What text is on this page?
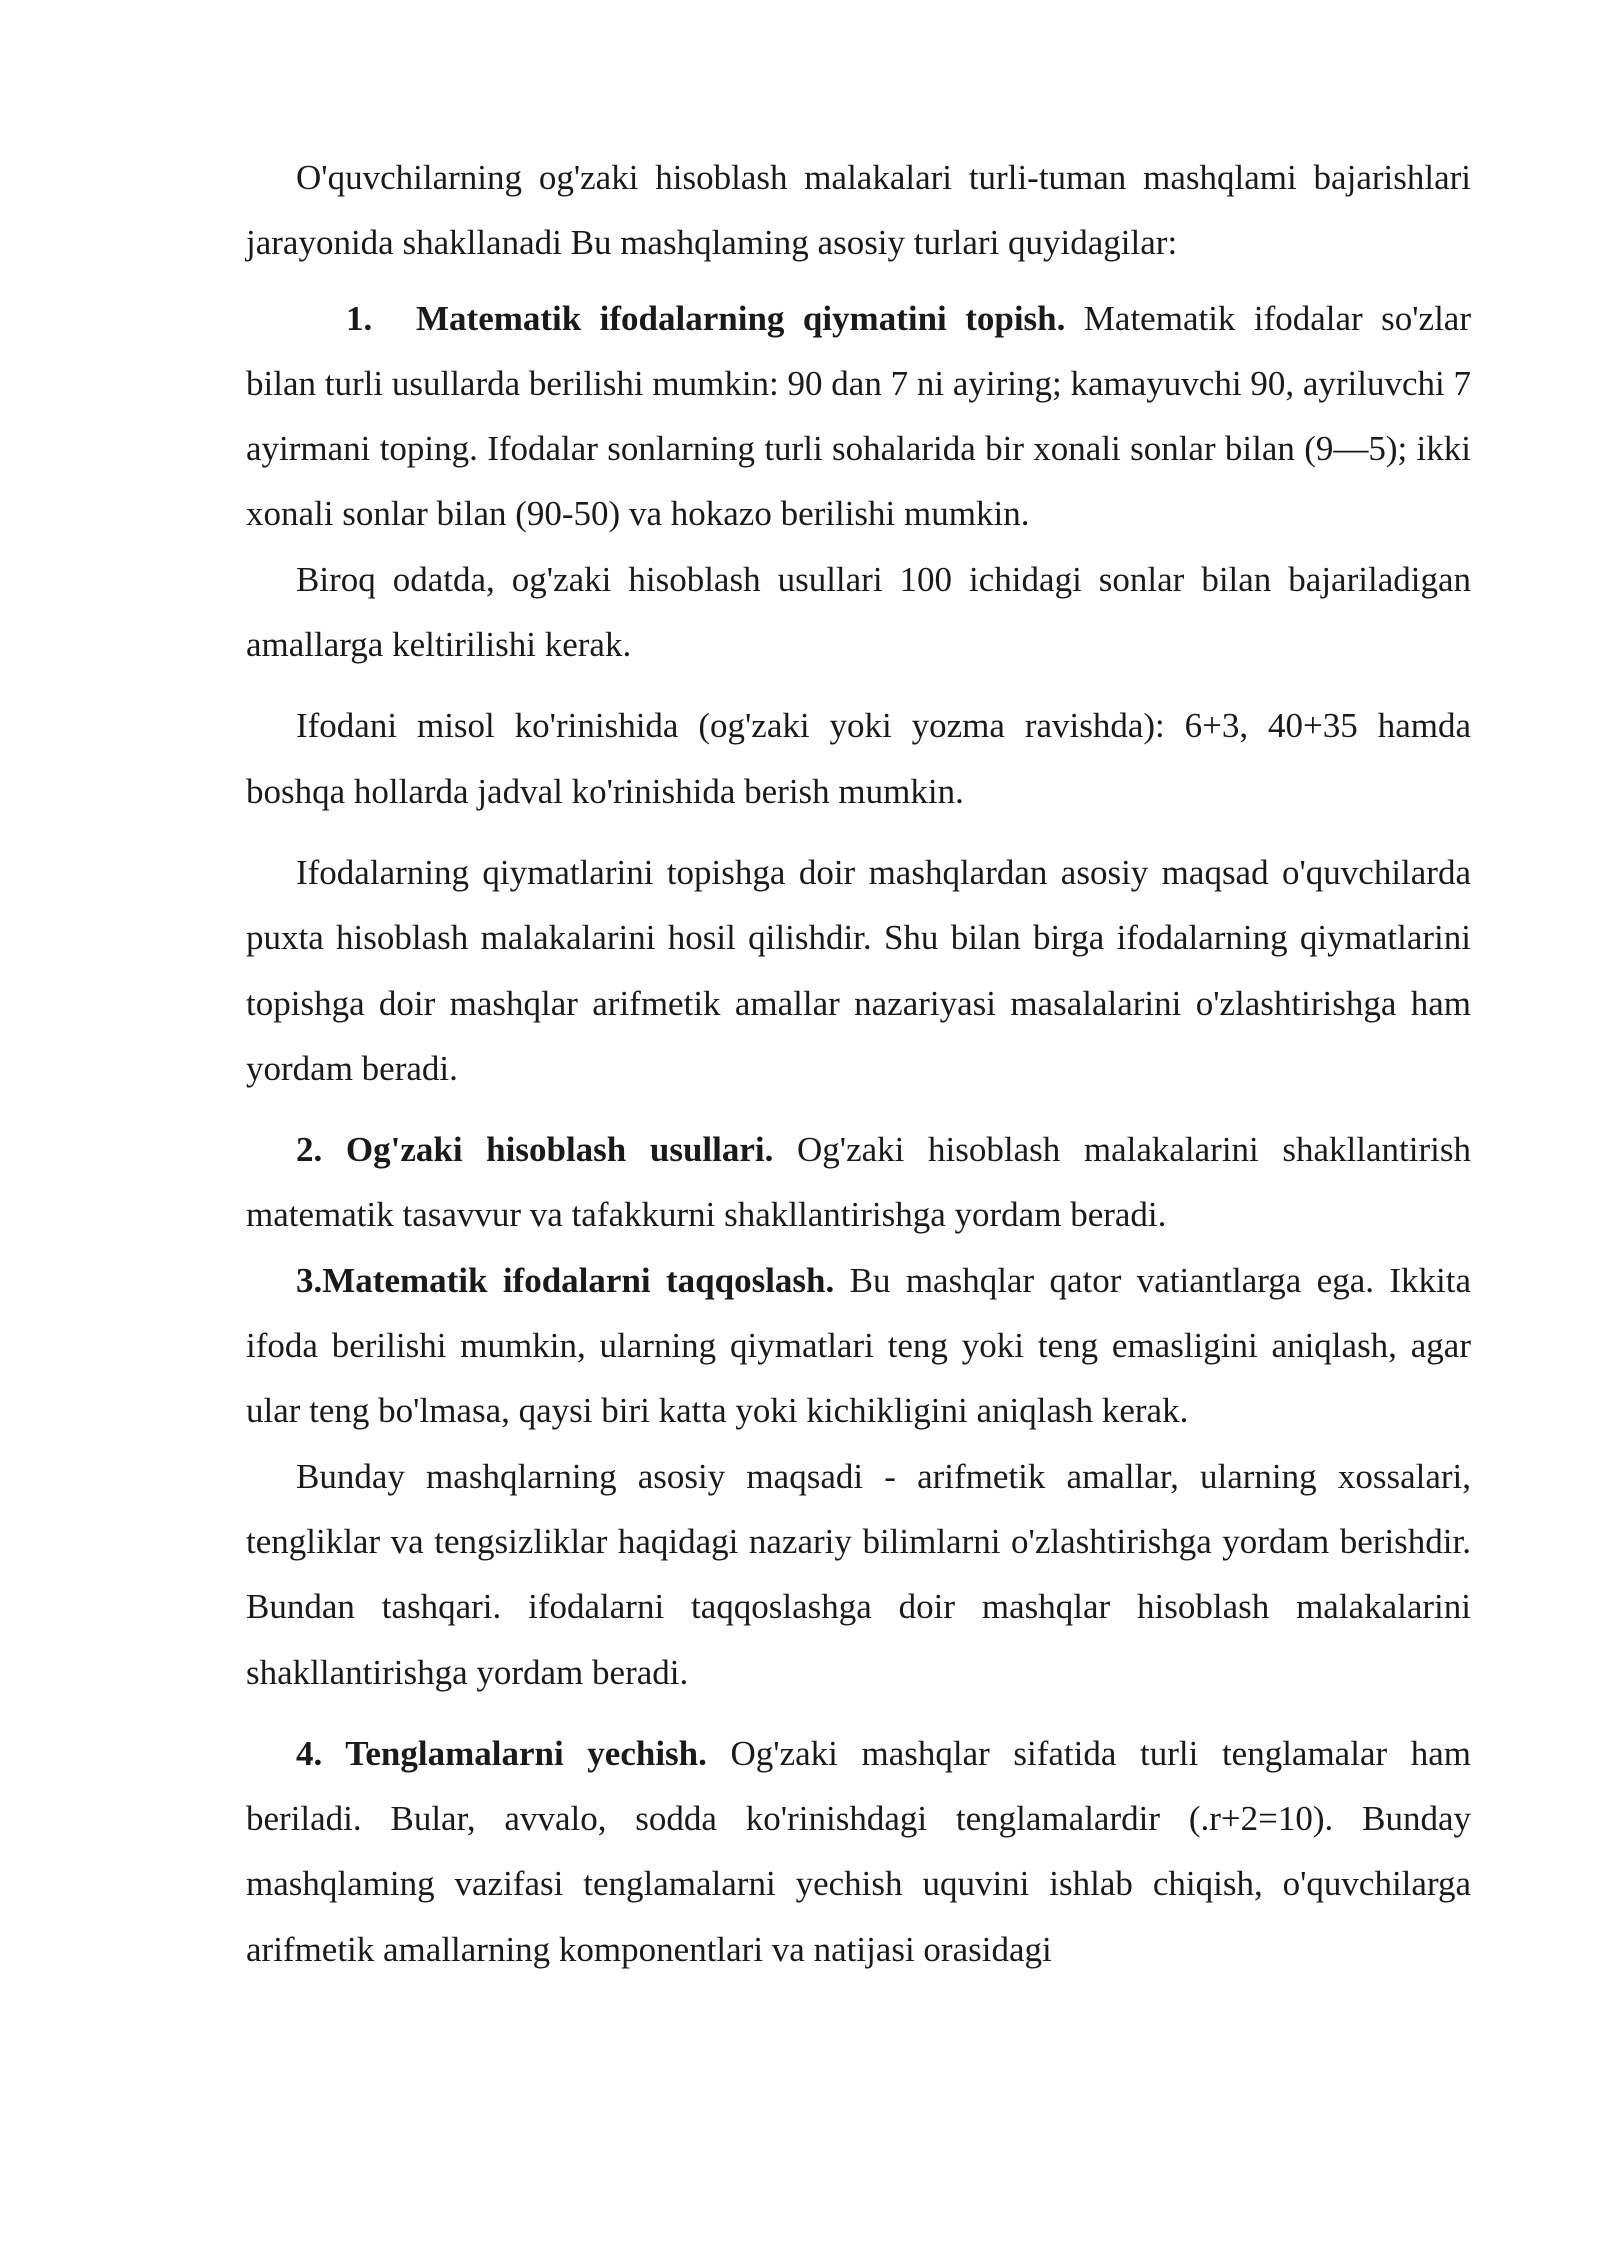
O'quvchilarning og'zaki hisoblash malakalari turli-tuman mashqlami bajarishlari jarayonida shakllanadi Bu mashqlaming asosiy turlari quyidagilar:

1. Matematik ifodalarning qiymatini topish. Matematik ifodalar so'zlar bilan turli usullarda berilishi mumkin: 90 dan 7 ni ayiring; kamayuvchi 90, ayriluvchi 7 ayirmani toping. Ifodalar sonlarning turli sohalarida bir xonali sonlar bilan (9—5); ikki xonali sonlar bilan (90-50) va hokazo berilishi mumkin.

Biroq odatda, og'zaki hisoblash usullari 100 ichidagi sonlar bilan bajariladigan amallarga keltirilishi kerak.

Ifodani misol ko'rinishida (og'zaki yoki yozma ravishda): 6+3, 40+35 hamda boshqa hollarda jadval ko'rinishida berish mumkin.

Ifodalarning qiymatlarini topishga doir mashqlardan asosiy maqsad o'quvchilarda puxta hisoblash malakalarini hosil qilishdir. Shu bilan birga ifodalarning qiymatlarini topishga doir mashqlar arifmetik amallar nazariyasi masalalarini o'zlashtirishga ham yordam beradi.

2. Og'zaki hisoblash usullari. Og'zaki hisoblash malakalarini shakllantirish matematik tasavvur va tafakkurni shakllantirishga yordam beradi.

3.Matematik ifodalarni taqqoslash. Bu mashqlar qator vatiantlarga ega. Ikkita ifoda berilishi mumkin, ularning qiymatlari teng yoki teng emasligini aniqlash, agar ular teng bo'lmasa, qaysi biri katta yoki kichikligini aniqlash kerak.

Bunday mashqlarning asosiy maqsadi - arifmetik amallar, ularning xossalari, tengliklar va tengsizliklar haqidagi nazariy bilimlarni o'zlashtirishga yordam berishdir. Bundan tashqari. ifodalarni taqqoslashga doir mashqlar hisoblash malakalarini shakllantirishga yordam beradi.

4. Tenglamalarni yechish. Og'zaki mashqlar sifatida turli tenglamalar ham beriladi. Bular, avvalo, sodda ko'rinishdagi tenglamalardir (.r+2=10). Bunday mashqlaming vazifasi tenglamalarni yechish uquvini ishlab chiqish, o'quvchilarga arifmetik amallarning komponentlari va natijasi orasidagi
